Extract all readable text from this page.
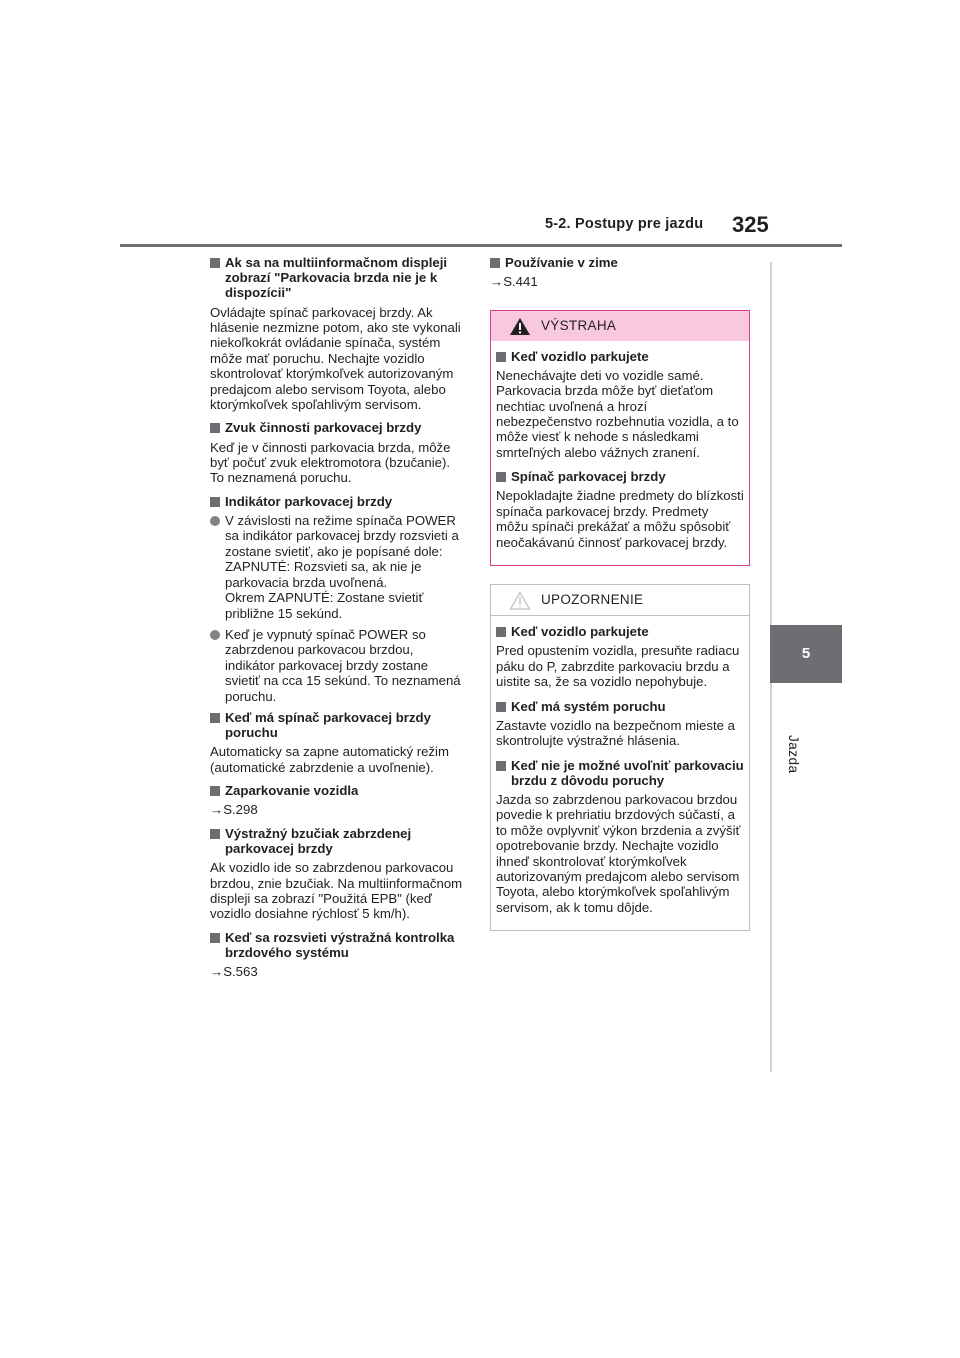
5-2. Postupy pre jazdu 325
5
Jazda
Ak sa na multiinformačnom displeji zobrazí "Parkovacia brzda nie je k dispozícii"

Ovládajte spínač parkovacej brzdy. Ak hlásenie nezmizne potom, ako ste vykonali niekoľkokrát ovládanie spínača, systém môže mať poruchu. Nechajte vozidlo skontrolovať ktorýmkoľvek autorizovaným predajcom alebo servisom Toyota, alebo ktorýmkoľvek spoľahlivým servisom.

Zvuk činnosti parkovacej brzdy

Keď je v činnosti parkovacia brzda, môže byť počuť zvuk elektromotora (bzučanie). To neznamená poruchu.

Indikátor parkovacej brzdy
V závislosti na režime spínača POWER sa indikátor parkovacej brzdy rozsvieti a zostane svietiť, ako je popísané dole:
ZAPNUTÉ: Rozsvieti sa, ak nie je parkovacia brzda uvoľnená.
Okrem ZAPNUTÉ: Zostane svietiť približne 15 sekúnd.
Keď je vypnutý spínač POWER so zabrzdenou parkovacou brzdou, indikátor parkovacej brzdy zostane svietiť na cca 15 sekúnd. To neznamená poruchu.
Keď má spínač parkovacej brzdy poruchu

Automaticky sa zapne automatický režim (automatické zabrzdenie a uvoľnenie).

Zaparkovanie vozidla

→S.298

Výstražný bzučiak zabrzdenej parkovacej brzdy

Ak vozidlo ide so zabrzdenou parkovacou brzdou, znie bzučiak. Na multiinformačnom displeji sa zobrazí "Použitá EPB" (keď vozidlo dosiahne rýchlosť 5 km/h).

Keď sa rozsvieti výstražná kontrolka brzdového systému

→S.563

Používanie v zime

→S.441

VÝSTRAHA
Keď vozidlo parkujete

Nenechávajte deti vo vozidle samé. Parkovacia brzda môže byť dieťaťom nechtiac uvoľnená a hrozí nebezpečenstvo rozbehnutia vozidla, a to môže viesť k nehode s následkami smrteľných alebo vážnych zranení.

Spínač parkovacej brzdy

Nepokladajte žiadne predmety do blízkosti spínača parkovacej brzdy. Predmety môžu spínači prekážať a môžu spôsobiť neočakávanú činnosť parkovacej brzdy.

UPOZORNENIE
Keď vozidlo parkujete

Pred opustením vozidla, presuňte radiacu páku do P, zabrzdite parkovaciu brzdu a uistite sa, že sa vozidlo nepohybuje.

Keď má systém poruchu

Zastavte vozidlo na bezpečnom mieste a skontrolujte výstražné hlásenia.

Keď nie je možné uvoľniť parkovaciu brzdu z dôvodu poruchy

Jazda so zabrzdenou parkovacou brzdou povedie k prehriatiu brzdových súčastí, a to môže ovplyvniť výkon brzdenia a zvýšiť opotrebovanie brzdy. Nechajte vozidlo ihneď skontrolovať ktorýmkoľvek autorizovaným predajcom alebo servisom Toyota, alebo ktorýmkoľvek spoľahlivým servisom, ak k tomu dôjde.
